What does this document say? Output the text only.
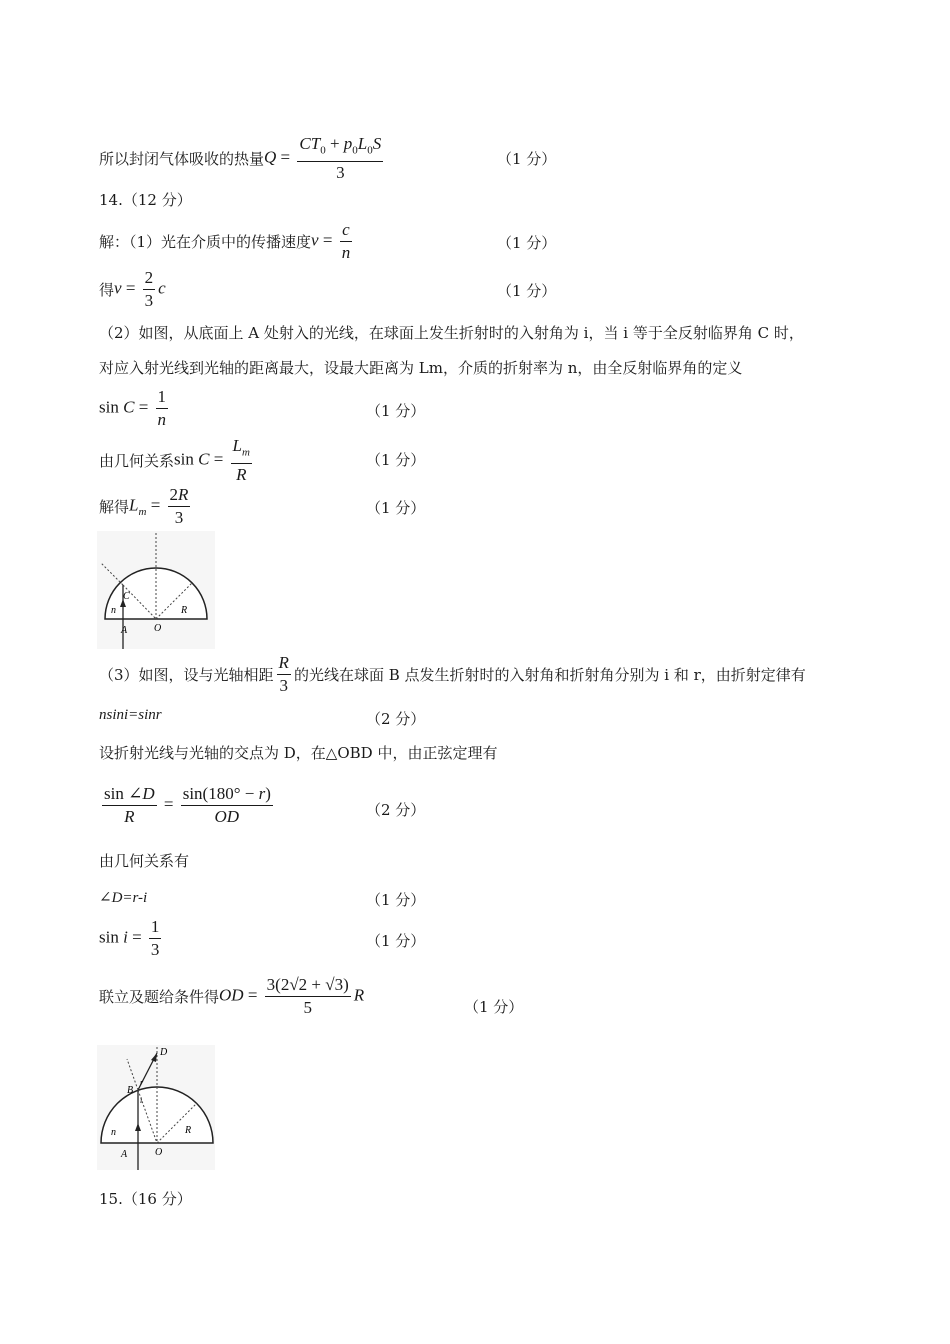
所以封闭气体吸收的热量 $Q = \frac{CT_0 + p_0L_0S}{3}$	（1 分）
14.（12 分）
解：（1）光在介质中的传播速度 $v = \frac{c}{n}$	（1 分）
得 $v = \frac{2}{3}$ c	（1 分）
（2）如图，从底面上 A 处射入的光线，在球面上发生折射时的入射角为 i，当 i 等于全反射临界角 C 时，
对应入射光线到光轴的距离最大，设最大距离为 Lm，介质的折射率为 n，由全反射临界角的定义
$\sin C = \frac{1}{n}$	（1 分）
由几何关系 $\sin C = \frac{L_m}{R}$	（1 分）
解得 $L_m = \frac{2R}{3}$	（1 分）
C
n
A	O
R
（3）如图，设与光轴相距 $\frac{R}{3}$ 的光线在球面 B 点发生折射时的入射角和折射角分别为 i 和 r，由折射定律有
nsini=sinr	（2 分）
设折射光线与光轴的交点为 D，在△OBD 中，由正弦定理有
$\frac{\sin \angle D}{R} = \frac{\sin(180^\circ - r)}{OD}$	（2 分）
由几何关系有
∠D=r-i	（1 分）
$\sin i = \frac{1}{3}$	（1 分）
联立及题给条件得 OD = $\frac{3(2√2 + √3)}{5}$ R
（1 分）
D
B
n
A	O
R
r
i
15.（16 分）
